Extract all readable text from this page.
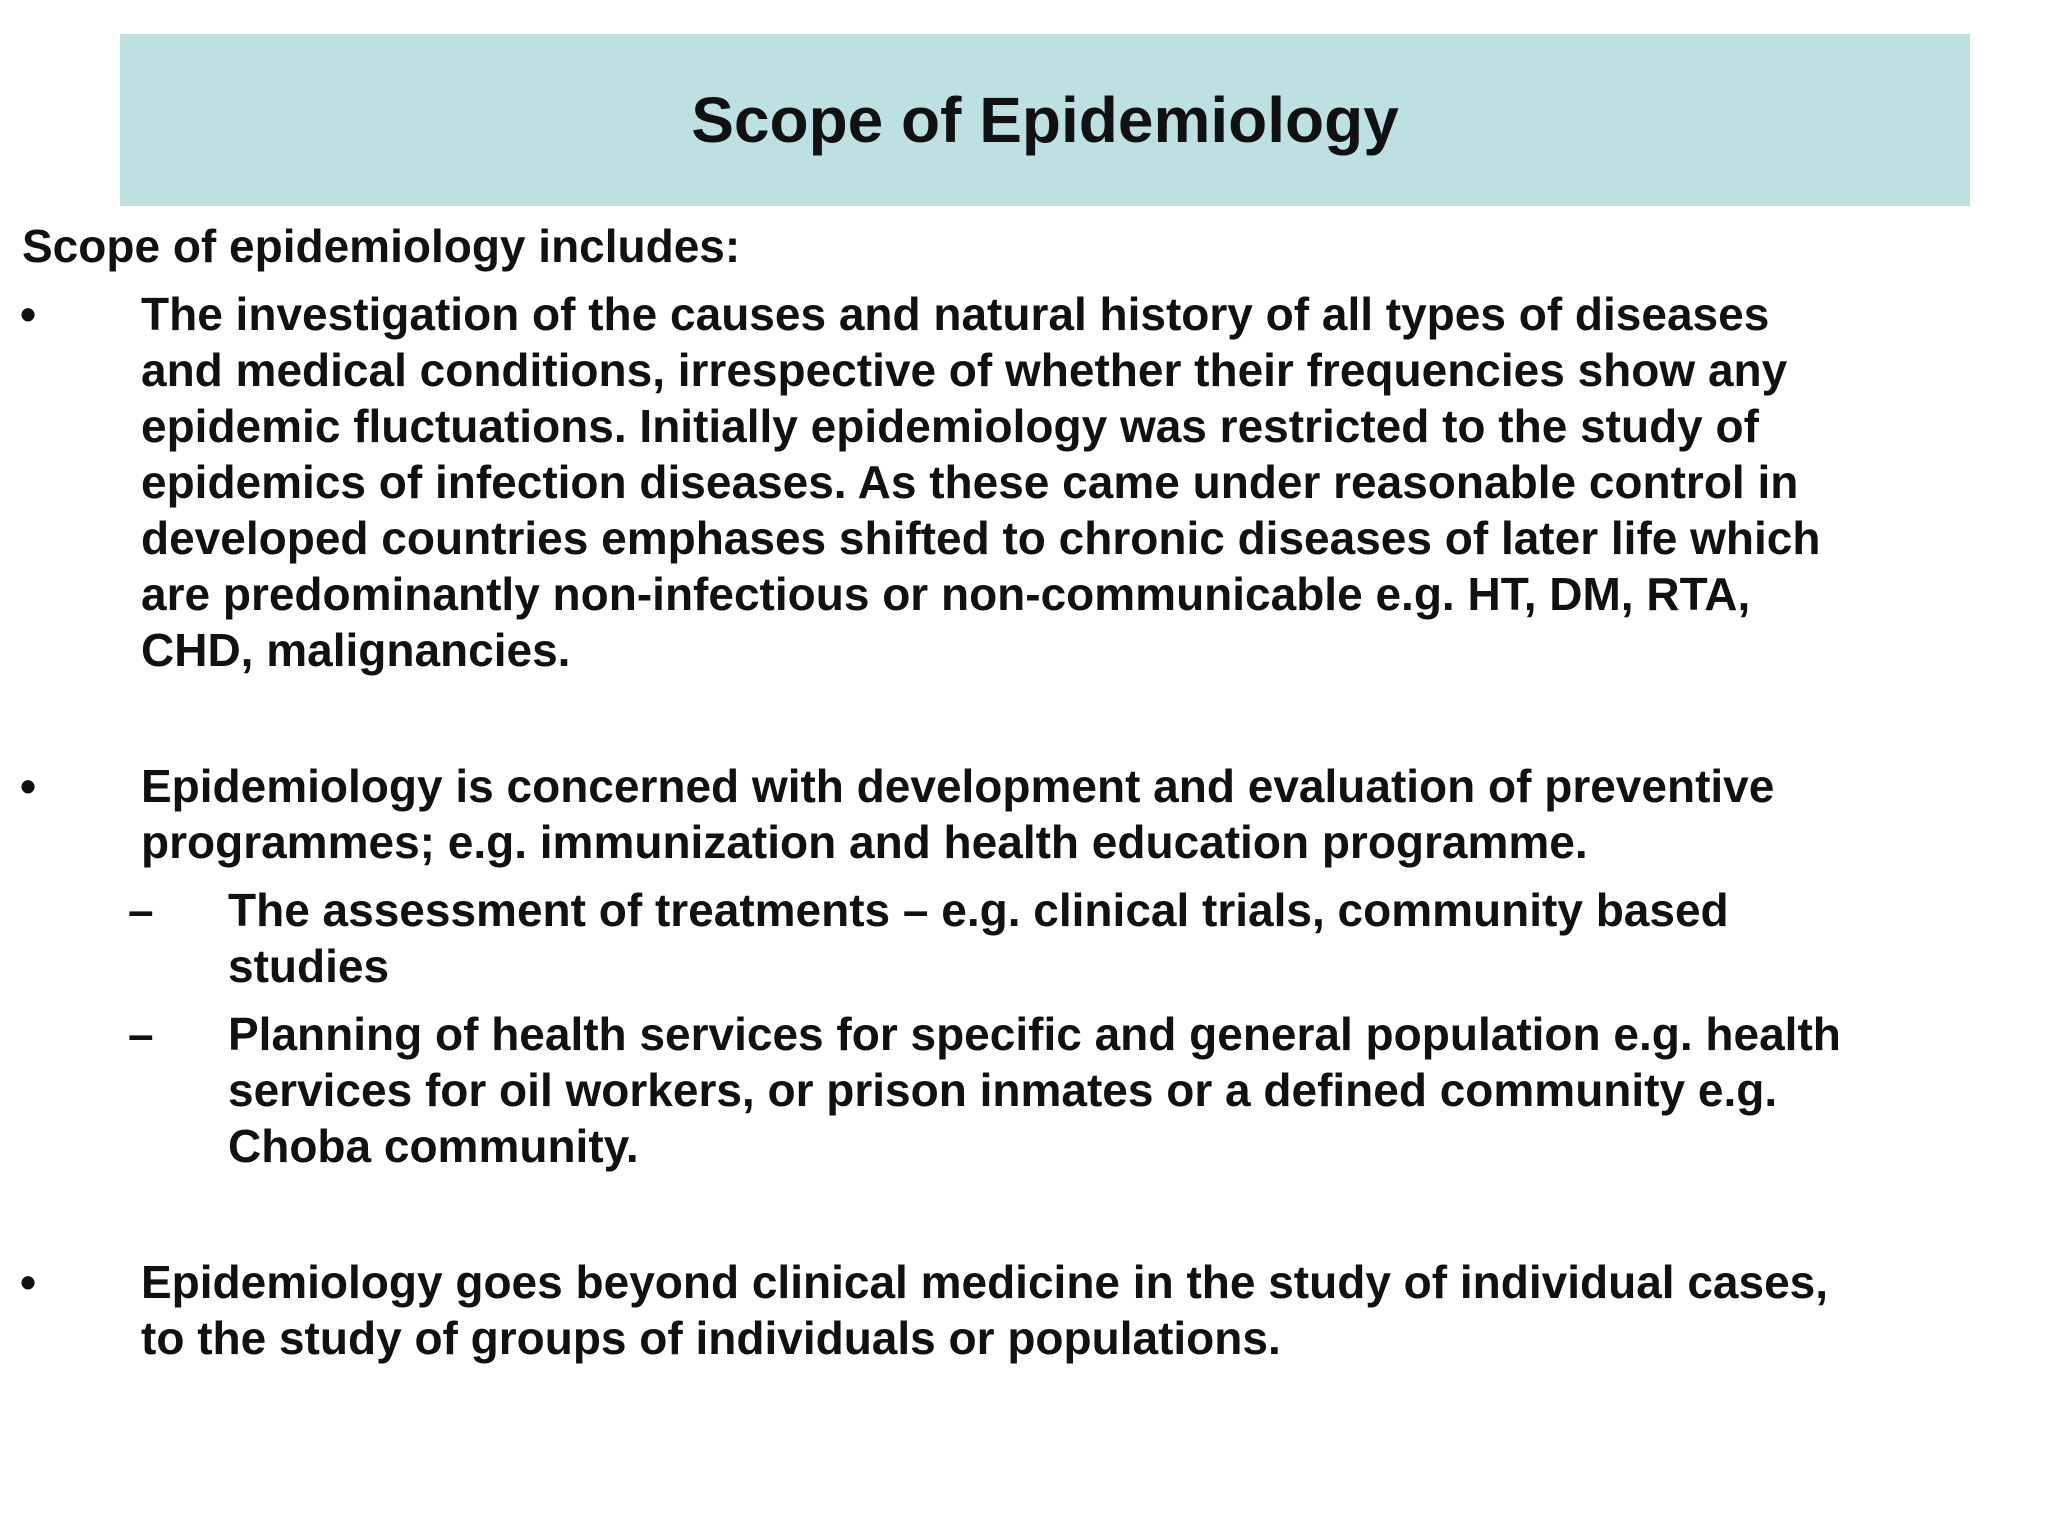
Scope of Epidemiology

Scope of epidemiology includes:

• The investigation of the causes and natural history of all types of diseases
and medical conditions, irrespective of whether their frequencies show any
epidemic fluctuations. Initially epidemiology was restricted to the study of
epidemics of infection diseases. As these came under reasonable control in
developed countries emphases shifted to chronic diseases of later life which
are predominantly non-infectious or non-communicable e.g. HT, DM, RTA,
CHD, malignancies.

• Epidemiology is concerned with development and evaluation of preventive
programmes; e.g. immunization and health education programme.

– The assessment of treatments – e.g. clinical trials, community based
studies

– Planning of health services for specific and general population e.g. health
services for oil workers, or prison inmates or a defined community e.g.
Choba community.

• Epidemiology goes beyond clinical medicine in the study of individual cases,
to the study of groups of individuals or populations.
